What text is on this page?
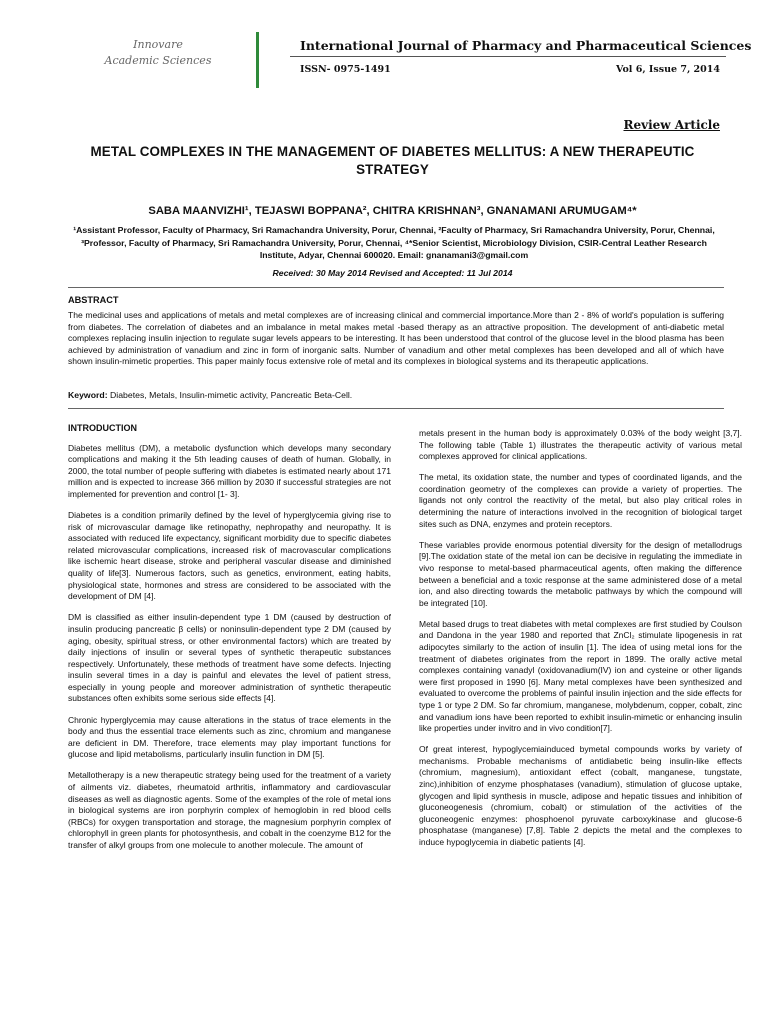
Innovare
Academic Sciences
International Journal of Pharmacy and Pharmaceutical Sciences
ISSN- 0975-1491	Vol 6, Issue 7, 2014
Review Article
METAL COMPLEXES IN THE MANAGEMENT OF DIABETES MELLITUS: A NEW THERAPEUTIC STRATEGY
SABA MAANVIZHI¹, TEJASWI BOPPANA², CHITRA KRISHNAN³, GNANAMANI ARUMUGAM⁴*
¹Assistant Professor, Faculty of Pharmacy, Sri Ramachandra University, Porur, Chennai, ²Faculty of Pharmacy, Sri Ramachandra University, Porur, Chennai, ³Professor, Faculty of Pharmacy, Sri Ramachandra University, Porur, Chennai, ⁴*Senior Scientist, Microbiology Division, CSIR-Central Leather Research Institute, Adyar, Chennai 600020. Email: gnanamani3@gmail.com
Received: 30 May 2014 Revised and Accepted: 11 Jul 2014
ABSTRACT
The medicinal uses and applications of metals and metal complexes are of increasing clinical and commercial importance.More than 2 - 8% of world's population is suffering from diabetes. The correlation of diabetes and an imbalance in metal makes metal -based therapy as an attractive proposition. The development of anti-diabetic metal complexes replacing insulin injection to regulate sugar levels appears to be interesting. It has been understood that control of the glucose level in the blood plasma has been achieved by administration of vanadium and zinc in form of inorganic salts. Number of vanadium and other metal complexes has been developed and all of which have shown insulin-mimetic properties. This paper mainly focus extensive role of metal and its complexes in biological systems and its therapeutic applications.
Keyword: Diabetes, Metals, Insulin-mimetic activity, Pancreatic Beta-Cell.
INTRODUCTION

Diabetes mellitus (DM), a metabolic dysfunction which develops many secondary complications and making it the 5th leading causes of death of human. Globally, in 2000, the total number of people suffering with diabetes is estimated nearly about 171 million and is expected to increase 366 million by 2030 if successful strategies are not implemented for prevention and control [1- 3].

Diabetes is a condition primarily defined by the level of hyperglycemia giving rise to risk of microvascular damage like retinopathy, nephropathy and neuropathy. It is associated with reduced life expectancy, significant morbidity due to specific diabetes related microvascular complications, increased risk of macrovascular complications like ischemic heart disease, stroke and peripheral vascular disease and diminished quality of life[3]. Numerous factors, such as genetics, environment, eating habits, physiological state, hormones and stress are considered to be associated with the development of DM [4].

DM is classified as either insulin-dependent type 1 DM (caused by destruction of insulin producing pancreatic β cells) or noninsulin-dependent type 2 DM (caused by aging, obesity, spiritual stress, or other environmental factors) which are treated by daily injections of insulin or several types of synthetic therapeutic substances respectively. Unfortunately, these methods of treatment have some defects. Injecting insulin several times in a day is painful and elevates the level of patient stress, especially in young people and moreover administration of synthetic therapeutic substances often exhibits some serious side effects [4].

Chronic hyperglycemia may cause alterations in the status of trace elements in the body and thus the essential trace elements such as zinc, chromium and manganese are deficient in DM. Therefore, trace elements may play important functions for glucose and lipid metabolisms, particularly insulin function in DM [5].

Metallotherapy is a new therapeutic strategy being used for the treatment of a variety of ailments viz. diabetes, rheumatoid arthritis, inflammatory and cardiovascular diseases as well as diagnostic agents. Some of the examples of the role of metal ions in biological systems are iron porphyrin complex of hemoglobin in red blood cells (RBCs) for oxygen transportation and storage, the magnesium porphyrin complex of chlorophyll in green plants for photosynthesis, and cobalt in the coenzyme B12 for the transfer of alkyl groups from one molecule to another molecule. The amount of

metals present in the human body is approximately 0.03% of the body weight [3,7]. The following table (Table 1) illustrates the therapeutic activity of various metal complexes approved for clinical applications.

The metal, its oxidation state, the number and types of coordinated ligands, and the coordination geometry of the complexes can provide a variety of properties. The ligands not only control the reactivity of the metal, but also play critical roles in determining the nature of interactions involved in the recognition of biological target sites such as DNA, enzymes and protein receptors.

These variables provide enormous potential diversity for the design of metallodrugs [9].The oxidation state of the metal ion can be decisive in regulating the immediate in vivo response to metal-based pharmaceutical agents, often making the difference between a beneficial and a toxic response at the same administered dose of a metal ion, and also directing towards the metabolic pathways by which the compound will be integrated [10].

Metal based drugs to treat diabetes with metal complexes are first studied by Coulson and Dandona in the year 1980 and reported that ZnCl₂ stimulate lipogenesis in rat adipocytes similarly to the action of insulin [1]. The idea of using metal ions for the treatment of diabetes originates from the report in 1899. The orally active metal complexes containing vanadyl (oxidovanadium(IV) ion and cysteine or other ligands were first proposed in 1990 [6]. Many metal complexes have been synthesized and evaluated to overcome the problems of painful insulin injection and the side effects for type 1 or type 2 DM. So far chromium, manganese, molybdenum, copper, cobalt, zinc and vanadium ions have been reported to exhibit insulin-mimetic or enhancing insulin like properties under invitro and in vivo condition[7].

Of great interest, hypoglycemiainduced bymetal compounds works by variety of mechanisms. Probable mechanisms of antidiabetic being insulin-like effects (chromium, magnesium), antioxidant effect (cobalt, manganese, tungstate, zinc),inhibition of enzyme phosphatases (vanadium), stimulation of glucose uptake, glycogen and lipid synthesis in muscle, adipose and hepatic tissues and inhibition of gluconeogenesis (chromium, cobalt) or stimulation of the activities of the gluconeogenic enzymes: phosphoenol pyruvate carboxykinase and glucose-6 phosphatase (manganese) [7,8]. Table 2 depicts the metal and the complexes to induce hypoglycemia in diabetic patients [4].
